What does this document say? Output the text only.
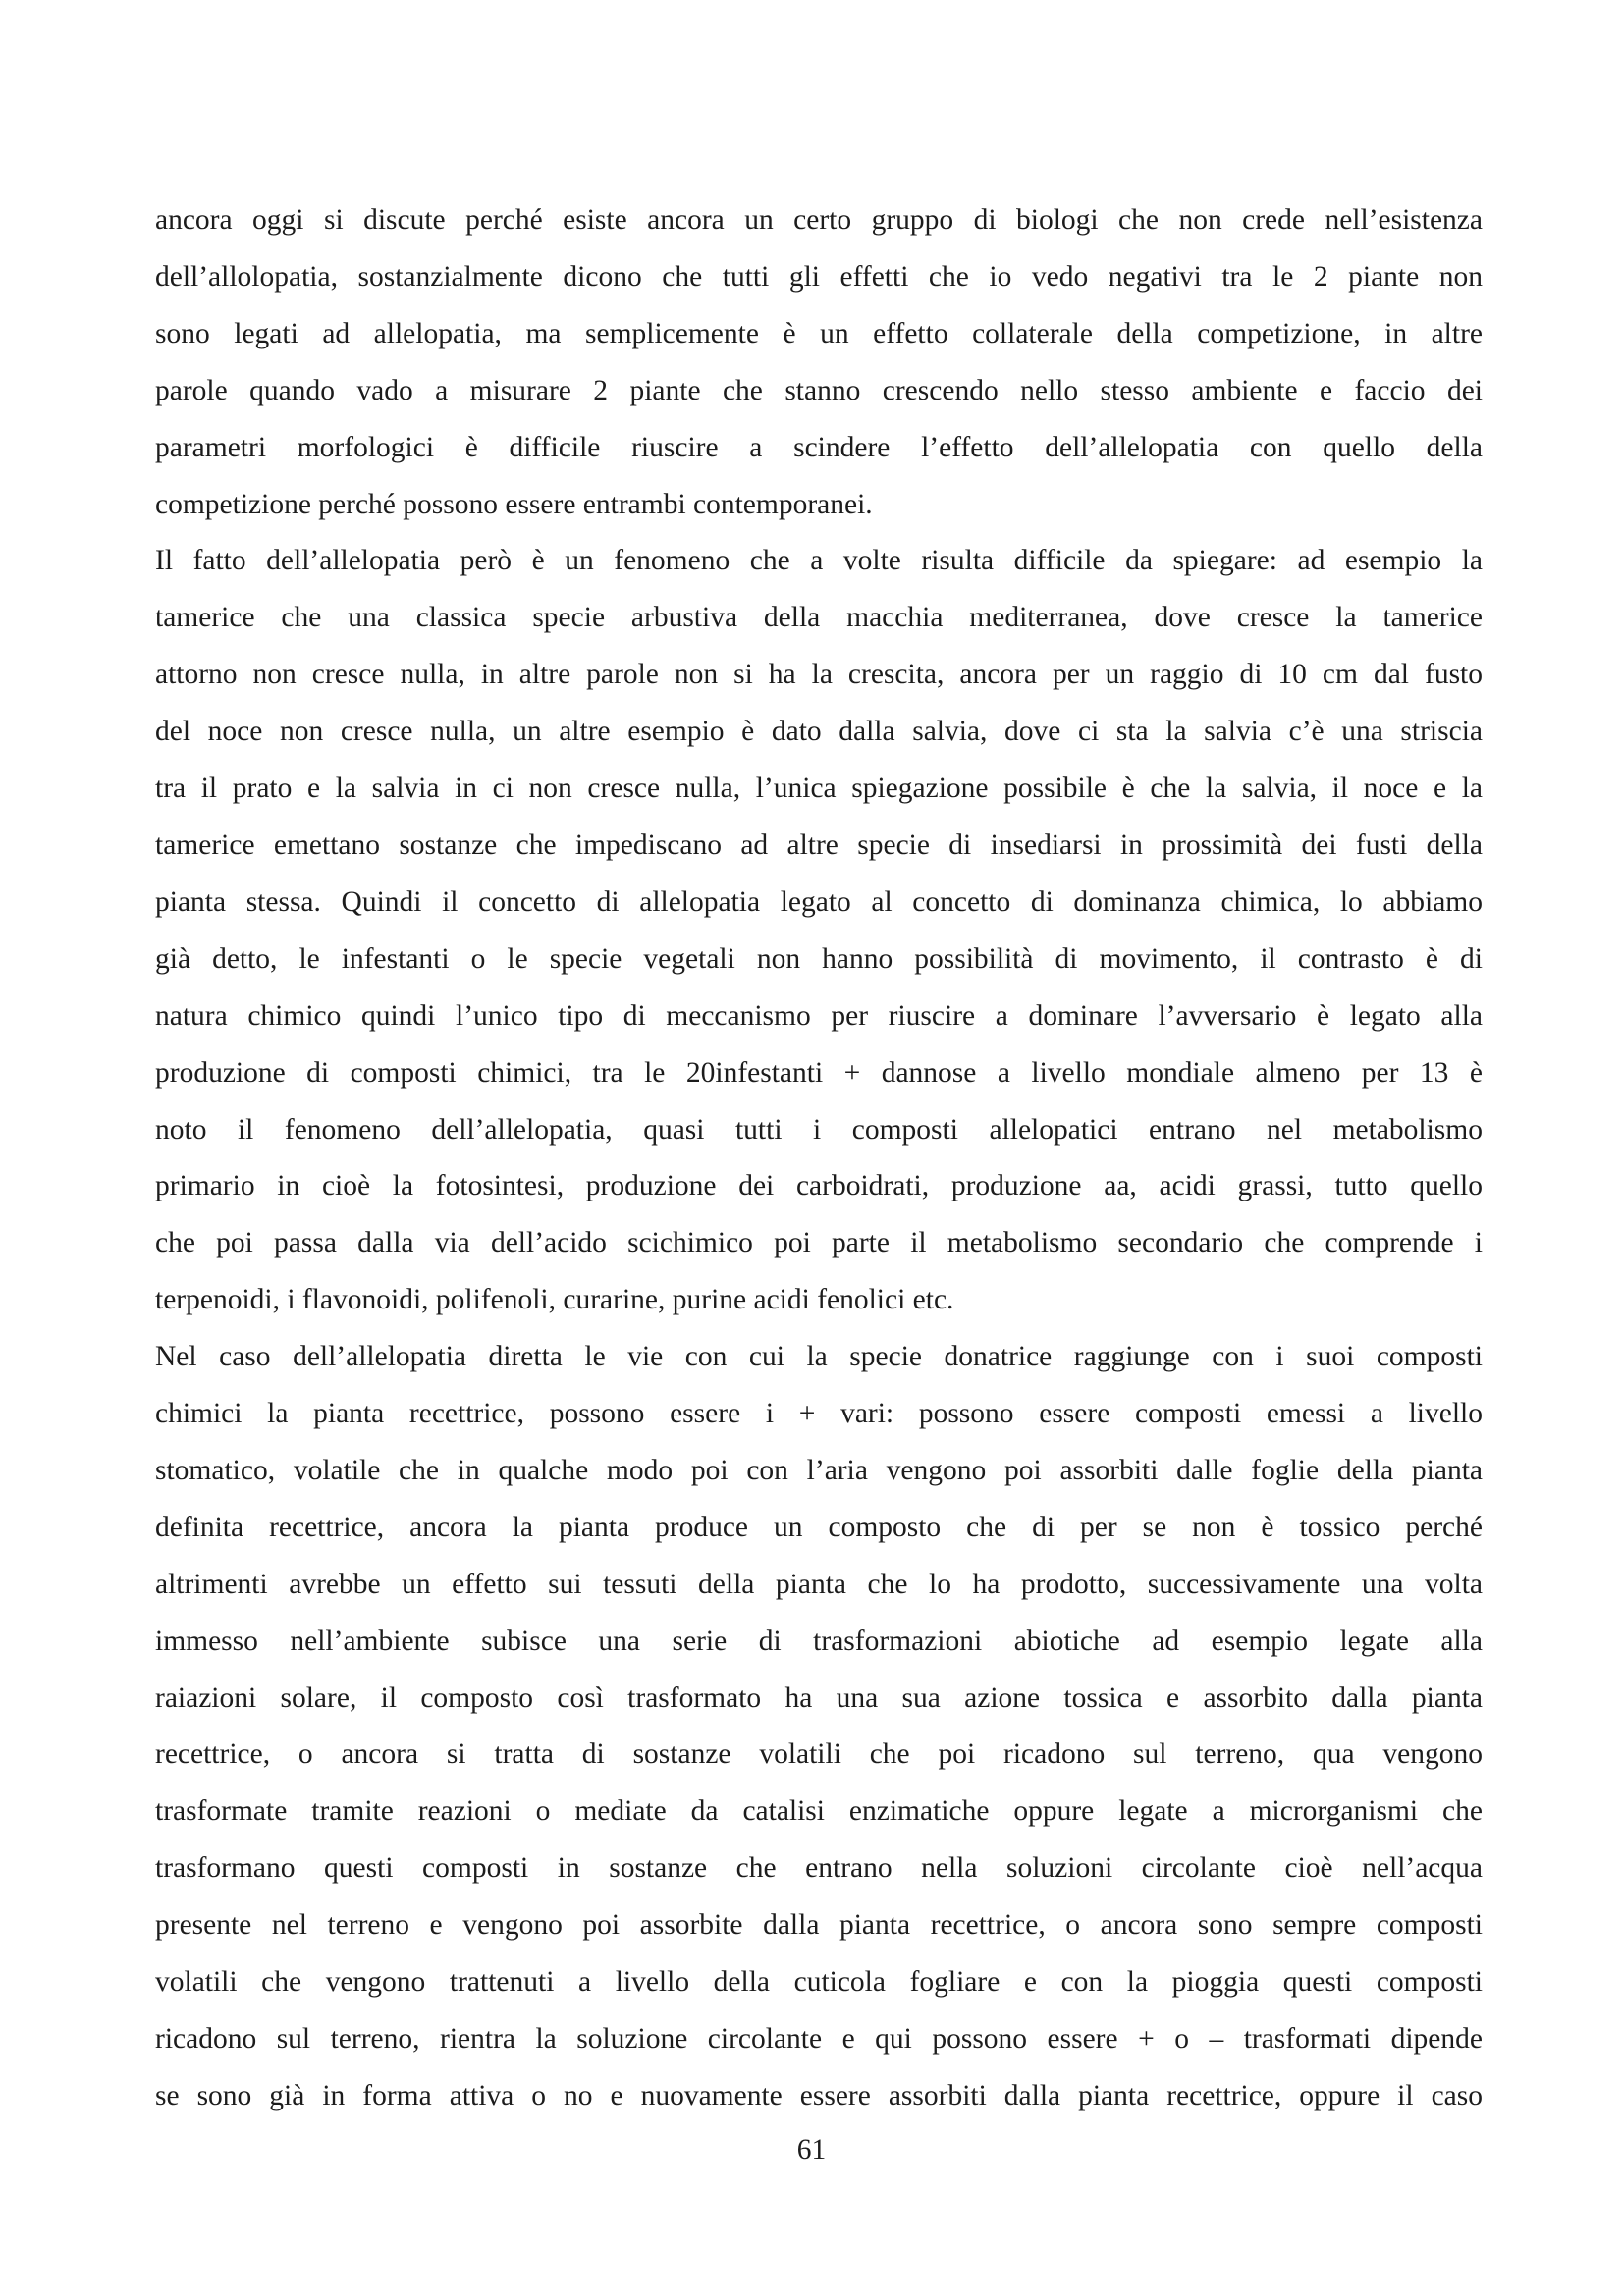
ancora oggi si discute perché esiste ancora un certo gruppo di biologi che non crede nell’esistenza
dell’allolopatia, sostanzialmente dicono che tutti gli effetti che io vedo negativi tra le 2 piante non
sono legati ad allelopatia, ma semplicemente è un effetto collaterale della competizione, in altre
parole quando vado a misurare 2 piante che stanno crescendo nello stesso ambiente e faccio dei
parametri morfologici è difficile riuscire a scindere l’effetto dell’allelopatia con quello della
competizione perché possono essere entrambi contemporanei.
Il fatto dell’allelopatia però è un fenomeno che a volte risulta difficile da spiegare: ad esempio la
tamerice che una classica specie arbustiva della macchia mediterranea, dove cresce la tamerice
attorno non cresce nulla, in altre parole non si ha la crescita, ancora per un raggio di 10 cm dal fusto
del noce non cresce nulla, un altre esempio è dato dalla salvia, dove ci sta la salvia c’è una striscia
tra il prato e la salvia in ci non cresce nulla, l’unica spiegazione possibile è che la salvia, il noce e la
tamerice emettano sostanze che impediscano ad altre specie di insediarsi in prossimità dei fusti della
pianta stessa. Quindi il concetto di allelopatia legato al concetto di dominanza chimica, lo abbiamo
già detto, le infestanti o le specie vegetali non hanno possibilità di movimento, il contrasto è di
natura chimico quindi l’unico tipo di meccanismo per riuscire a dominare l’avversario è legato alla
produzione di composti chimici, tra le 20infestanti + dannose a livello mondiale almeno per 13 è
noto il fenomeno dell’allelopatia, quasi tutti i composti allelopatici entrano nel metabolismo
primario in cioè la fotosintesi, produzione dei carboidrati, produzione aa, acidi grassi, tutto quello
che poi passa dalla via dell’acido scichimico poi parte il metabolismo secondario che comprende i
terpenoidi, i flavonoidi, polifenoli, curarine, purine acidi fenolici etc.
Nel caso dell’allelopatia diretta le vie con cui la specie donatrice raggiunge con i suoi composti
chimici la pianta recettrice, possono essere i + vari: possono essere composti emessi a livello
stomatico, volatile che in qualche modo poi con l’aria vengono poi assorbiti dalle foglie della pianta
definita recettrice, ancora la pianta produce un composto che di per se non è tossico perché
altrimenti avrebbe un effetto sui tessuti della pianta che lo ha prodotto, successivamente una volta
immesso nell’ambiente subisce una serie di trasformazioni abiotiche ad esempio legate alla
raiazioni solare, il composto così trasformato ha una sua azione tossica e assorbito dalla pianta
recettrice, o ancora si tratta di sostanze volatili che poi ricadono sul terreno, qua vengono
trasformate tramite reazioni o mediate da catalisi enzimatiche oppure legate a microrganismi che
trasformano questi composti in sostanze che entrano nella soluzioni circolante cioè nell’acqua
presente nel terreno e vengono poi assorbite dalla pianta recettrice, o ancora sono sempre composti
volatili che vengono trattenuti a livello della cuticola fogliare e con la pioggia questi composti
ricadono sul terreno, rientra la soluzione circolante e qui possono essere + o – trasformati dipende
se sono già in forma attiva o no e nuovamente essere assorbiti dalla pianta recettrice, oppure il caso
61
